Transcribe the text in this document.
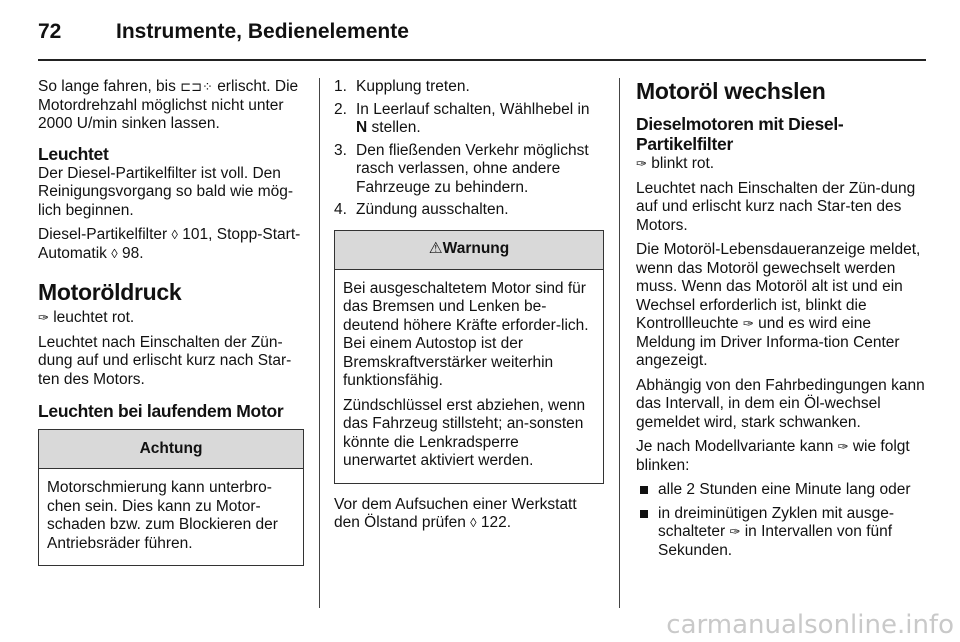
72	Instrumente, Bedienelemente

So lange fahren, bis ⊏⊐⁘ erlischt. Die Motordrehzahl möglichst nicht unter 2000 U/min sinken lassen.

Leuchtet

Der Diesel-Partikelfilter ist voll. Den Reinigungsvorgang so bald wie mög-lich beginnen.

Diesel-Partikelfilter ◊ 101, Stopp-Start-Automatik ◊ 98.

Motoröldruck

✑ leuchtet rot.

Leuchtet nach Einschalten der Zün-dung auf und erlischt kurz nach Star-ten des Motors.

Leuchten bei laufendem Motor
Achtung

Motorschmierung kann unterbro-chen sein. Dies kann zu Motor-schaden bzw. zum Blockieren der Antriebsräder führen.

1. Kupplung treten.
2. In Leerlauf schalten, Wählhebel in N stellen.
3. Den fließenden Verkehr möglichst rasch verlassen, ohne andere Fahrzeuge zu behindern.
4. Zündung ausschalten.
⚠ Warnung

Bei ausgeschaltetem Motor sind für das Bremsen und Lenken be-deutend höhere Kräfte erforder-lich. Bei einem Autostop ist der Bremskraftverstärker weiterhin funktionsfähig.

Zündschlüssel erst abziehen, wenn das Fahrzeug stillsteht; an-sonsten könnte die Lenkradsperre unerwartet aktiviert werden.

Vor dem Aufsuchen einer Werkstatt den Ölstand prüfen ◊ 122.

Motoröl wechslen
Dieselmotoren mit Diesel-Partikelfilter

✑ blinkt rot.

Leuchtet nach Einschalten der Zün-dung auf und erlischt kurz nach Star-ten des Motors.

Die Motoröl-Lebensdaueranzeige meldet, wenn das Motoröl gewechselt werden muss. Wenn das Motoröl alt ist und ein Wechsel erforderlich ist, blinkt die Kontrollleuchte ✑ und es wird eine Meldung im Driver Informa-tion Center angezeigt.

Abhängig von den Fahrbedingungen kann das Intervall, in dem ein Öl-wechsel gemeldet wird, stark schwanken.

Je nach Modellvariante kann ✑ wie folgt blinken:

alle 2 Stunden eine Minute lang oder
in dreiminütigen Zyklen mit ausge-schalteter ✑ in Intervallen von fünf Sekunden.
carmanualsonline.info
